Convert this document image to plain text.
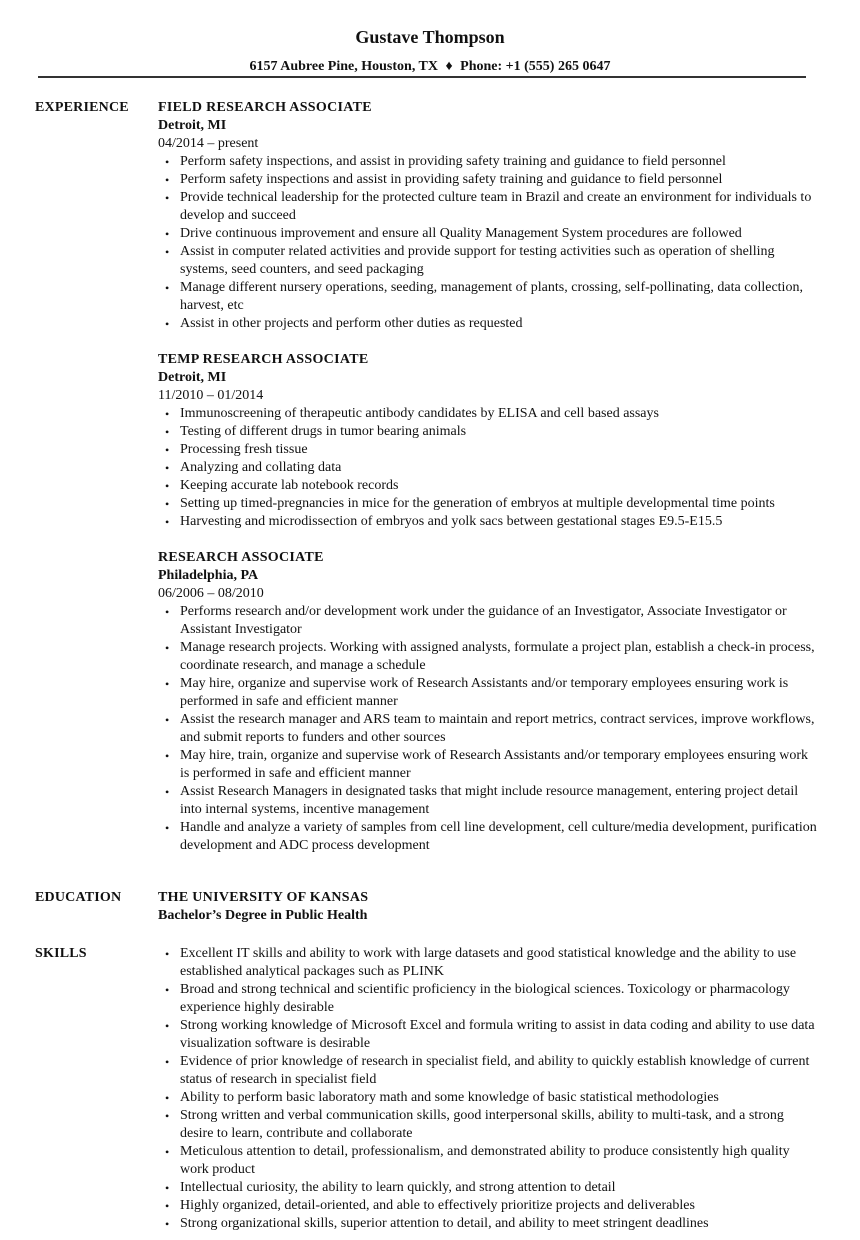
Gustave Thompson
6157 Aubree Pine, Houston, TX ♦ Phone: +1 (555) 265 0647
EXPERIENCE	FIELD RESEARCH ASSOCIATE
Detroit, MI
04/2014 – present
• Perform safety inspections, and assist in providing safety training and guidance to field personnel
• Perform safety inspections and assist in providing safety training and guidance to field personnel
• Provide technical leadership for the protected culture team in Brazil and create an environment for individuals to develop and succeed
• Drive continuous improvement and ensure all Quality Management System procedures are followed
• Assist in computer related activities and provide support for testing activities such as operation of shelling systems, seed counters, and seed packaging
• Manage different nursery operations, seeding, management of plants, crossing, self-pollinating, data collection, harvest, etc
• Assist in other projects and perform other duties as requested
TEMP RESEARCH ASSOCIATE
Detroit, MI
11/2010 – 01/2014
• Immunoscreening of therapeutic antibody candidates by ELISA and cell based assays
• Testing of different drugs in tumor bearing animals
• Processing fresh tissue
• Analyzing and collating data
• Keeping accurate lab notebook records
• Setting up timed-pregnancies in mice for the generation of embryos at multiple developmental time points
• Harvesting and microdissection of embryos and yolk sacs between gestational stages E9.5-E15.5
RESEARCH ASSOCIATE
Philadelphia, PA
06/2006 – 08/2010
• Performs research and/or development work under the guidance of an Investigator, Associate Investigator or Assistant Investigator
• Manage research projects. Working with assigned analysts, formulate a project plan, establish a check-in process, coordinate research, and manage a schedule
• May hire, organize and supervise work of Research Assistants and/or temporary employees ensuring work is performed in safe and efficient manner
• Assist the research manager and ARS team to maintain and report metrics, contract services, improve workflows, and submit reports to funders and other sources
• May hire, train, organize and supervise work of Research Assistants and/or temporary employees ensuring work is performed in safe and efficient manner
• Assist Research Managers in designated tasks that might include resource management, entering project detail into internal systems, incentive management
• Handle and analyze a variety of samples from cell line development, cell culture/media development, purification development and ADC process development
EDUCATION	THE UNIVERSITY OF KANSAS
Bachelor’s Degree in Public Health
SKILLS	• Excellent IT skills and ability to work with large datasets and good statistical knowledge and the ability to use established analytical packages such as PLINK
• Broad and strong technical and scientific proficiency in the biological sciences. Toxicology or pharmacology experience highly desirable
• Strong working knowledge of Microsoft Excel and formula writing to assist in data coding and ability to use data visualization software is desirable
• Evidence of prior knowledge of research in specialist field, and ability to quickly establish knowledge of current status of research in specialist field
• Ability to perform basic laboratory math and some knowledge of basic statistical methodologies
• Strong written and verbal communication skills, good interpersonal skills, ability to multi-task, and a strong desire to learn, contribute and collaborate
• Meticulous attention to detail, professionalism, and demonstrated ability to produce consistently high quality work product
• Intellectual curiosity, the ability to learn quickly, and strong attention to detail
• Highly organized, detail-oriented, and able to effectively prioritize projects and deliverables
• Strong organizational skills, superior attention to detail, and ability to meet stringent deadlines
